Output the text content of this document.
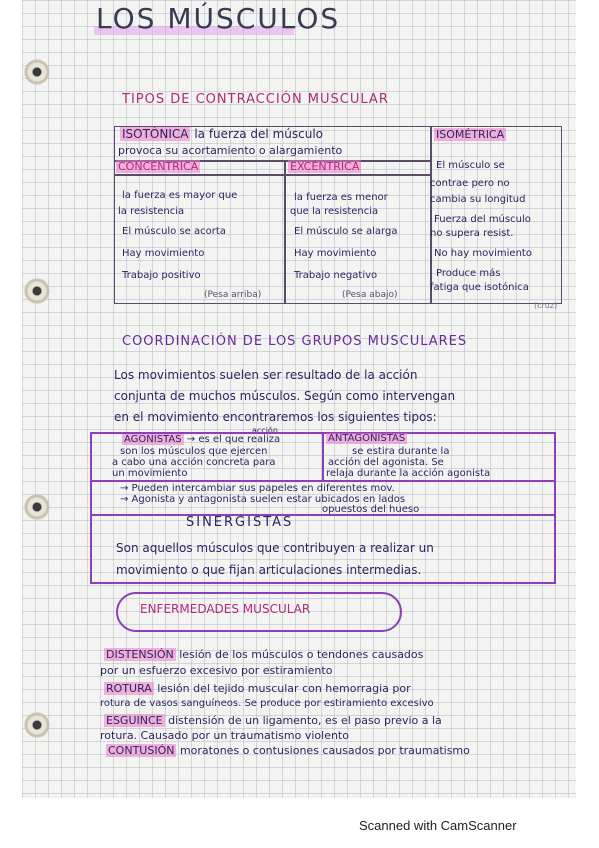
LOS MÚSCULOS
TIPOS DE CONTRACCIÓN MUSCULAR
ISOTÓNICA la fuerza del músculo
provoca su acortamiento o alargamiento
ISOMÉTRICA
El músculo se
contrae pero no
cambia su longitud
Fuerza del músculo
no supera resist.
No hay movimiento
Produce más
fatiga que isotónica
(cruz)
CONCÉNTRICA
la fuerza es mayor que
la resistencia
El músculo se acorta
Hay movimiento
Trabajo positivo
(Pesa arriba)
EXCÉNTRICA
la fuerza es menor
que la resistencia
El músculo se alarga
Hay movimiento
Trabajo negativo
(Pesa abajo)
COORDINACIÓN DE LOS GRUPOS MUSCULARES
Los movimientos suelen ser resultado de la acción
conjunta de muchos músculos. Según como intervengan
en el movimiento encontraremos los siguientes tipos:
acción
AGONISTAS → es el que realiza
son los músculos que ejercen
a cabo una acción concreta para
un movimiento
ANTAGONISTAS
se estira durante la
acción del agonista. Se
relaja durante la acción agonista
→ Pueden intercambiar sus papeles en diferentes mov.
→ Agonista y antagonista suelen estar ubicados en lados
opuestos del hueso
SINERGISTAS
Son aquellos músculos que contribuyen a realizar un
movimiento o que fijan articulaciones intermedias.
ENFERMEDADES MUSCULAR
DISTENSIÓN lesión de los músculos o tendones causados
por un esfuerzo excesivo por estiramiento
ROTURA lesión del tejido muscular con hemorragia por
rotura de vasos sanguíneos. Se produce por estiramiento excesivo
ESGUINCE distensión de un ligamento, es el paso previo a la
rotura. Causado por un traumatismo violento
CONTUSIÓN moratones o contusiones causados por traumatismo
Scanned with CamScanner
